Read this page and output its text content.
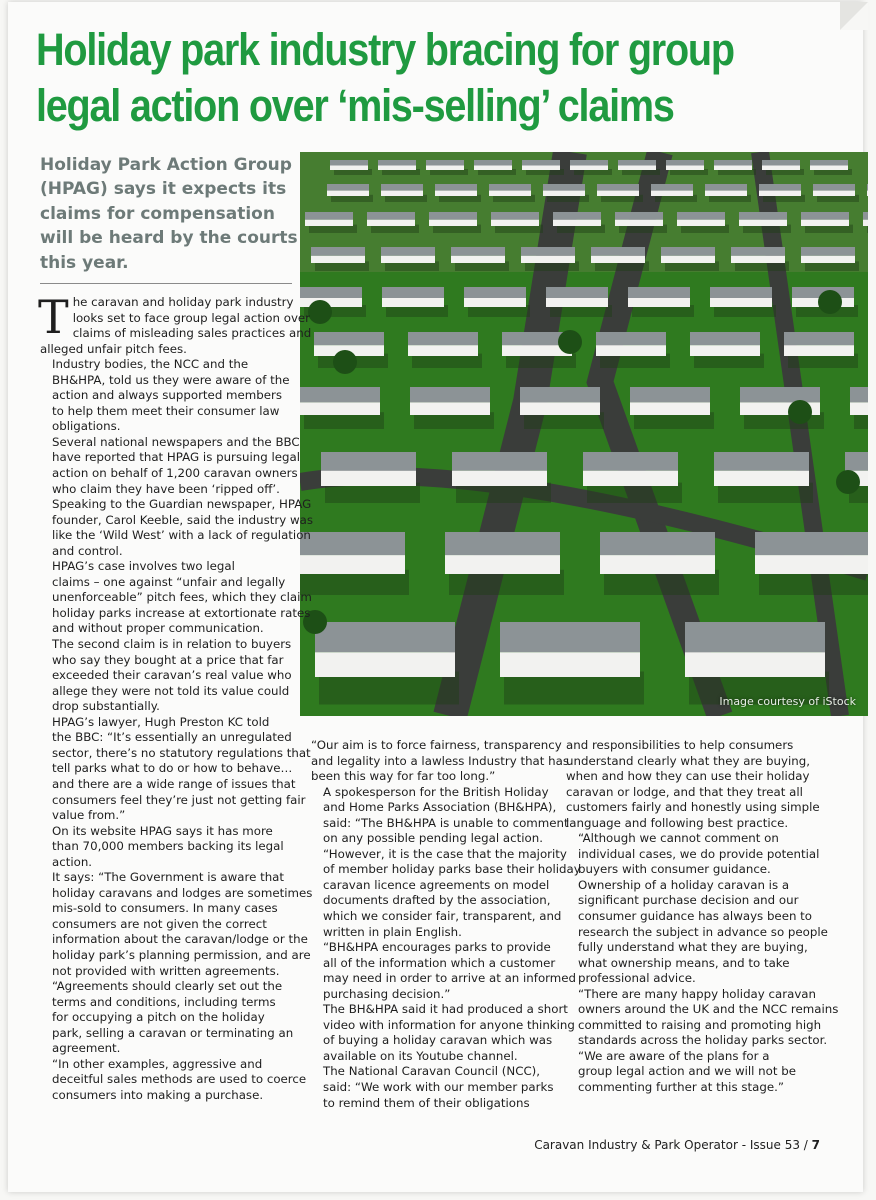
Holiday park industry bracing for group
legal action over ‘mis-selling’ claims
Holiday Park Action Group
(HPAG) says it expects its
claims for compensation
will be heard by the courts
this year.
Image courtesy of iStock

T he caravan and holiday park industry
looks set to face group legal action over
claims of misleading sales practices and
alleged unfair pitch fees.

Industry bodies, the NCC and the
BH&HPA, told us they were aware of the
action and always supported members
to help them meet their consumer law
obligations.

Several national newspapers and the BBC
have reported that HPAG is pursuing legal
action on behalf of 1,200 caravan owners
who claim they have been ‘ripped off’.
Speaking to the Guardian newspaper, HPAG
founder, Carol Keeble, said the industry was
like the ‘Wild West’ with a lack of regulation
and control.

HPAG’s case involves two legal
claims – one against “unfair and legally
unenforceable” pitch fees, which they claim
holiday parks increase at extortionate rates
and without proper communication.

The second claim is in relation to buyers
who say they bought at a price that far
exceeded their caravan’s real value who
allege they were not told its value could
drop substantially.

HPAG’s lawyer, Hugh Preston KC told
the BBC: “It’s essentially an unregulated
sector, there’s no statutory regulations that
tell parks what to do or how to behave…
and there are a wide range of issues that
consumers feel they’re just not getting fair
value from.”

On its website HPAG says it has more
than 70,000 members backing its legal
action.

It says: “The Government is aware that
holiday caravans and lodges are sometimes
mis-sold to consumers. In many cases
consumers are not given the correct
information about the caravan/lodge or the
holiday park’s planning permission, and are
not provided with written agreements.

“Agreements should clearly set out the
terms and conditions, including terms
for occupying a pitch on the holiday
park, selling a caravan or terminating an
agreement.

“In other examples, aggressive and
deceitful sales methods are used to coerce
consumers into making a purchase.

“Our aim is to force fairness, transparency
and legality into a lawless Industry that has
been this way for far too long.”

A spokesperson for the British Holiday
and Home Parks Association (BH&HPA),
said: “The BH&HPA is unable to comment
on any possible pending legal action.

“However, it is the case that the majority
of member holiday parks base their holiday
caravan licence agreements on model
documents drafted by the association,
which we consider fair, transparent, and
written in plain English.

“BH&HPA encourages parks to provide
all of the information which a customer
may need in order to arrive at an informed
purchasing decision.”

The BH&HPA said it had produced a short
video with information for anyone thinking
of buying a holiday caravan which was
available on its Youtube channel.

The National Caravan Council (NCC),
said: “We work with our member parks
to remind them of their obligations

and responsibilities to help consumers
understand clearly what they are buying,
when and how they can use their holiday
caravan or lodge, and that they treat all
customers fairly and honestly using simple
language and following best practice.

“Although we cannot comment on
individual cases, we do provide potential
buyers with consumer guidance.
Ownership of a holiday caravan is a
significant purchase decision and our
consumer guidance has always been to
research the subject in advance so people
fully understand what they are buying,
what ownership means, and to take
professional advice.

“There are many happy holiday caravan
owners around the UK and the NCC remains
committed to raising and promoting high
standards across the holiday parks sector.

“We are aware of the plans for a
group legal action and we will not be
commenting further at this stage.”

Caravan Industry & Park Operator - Issue 53 / 7
